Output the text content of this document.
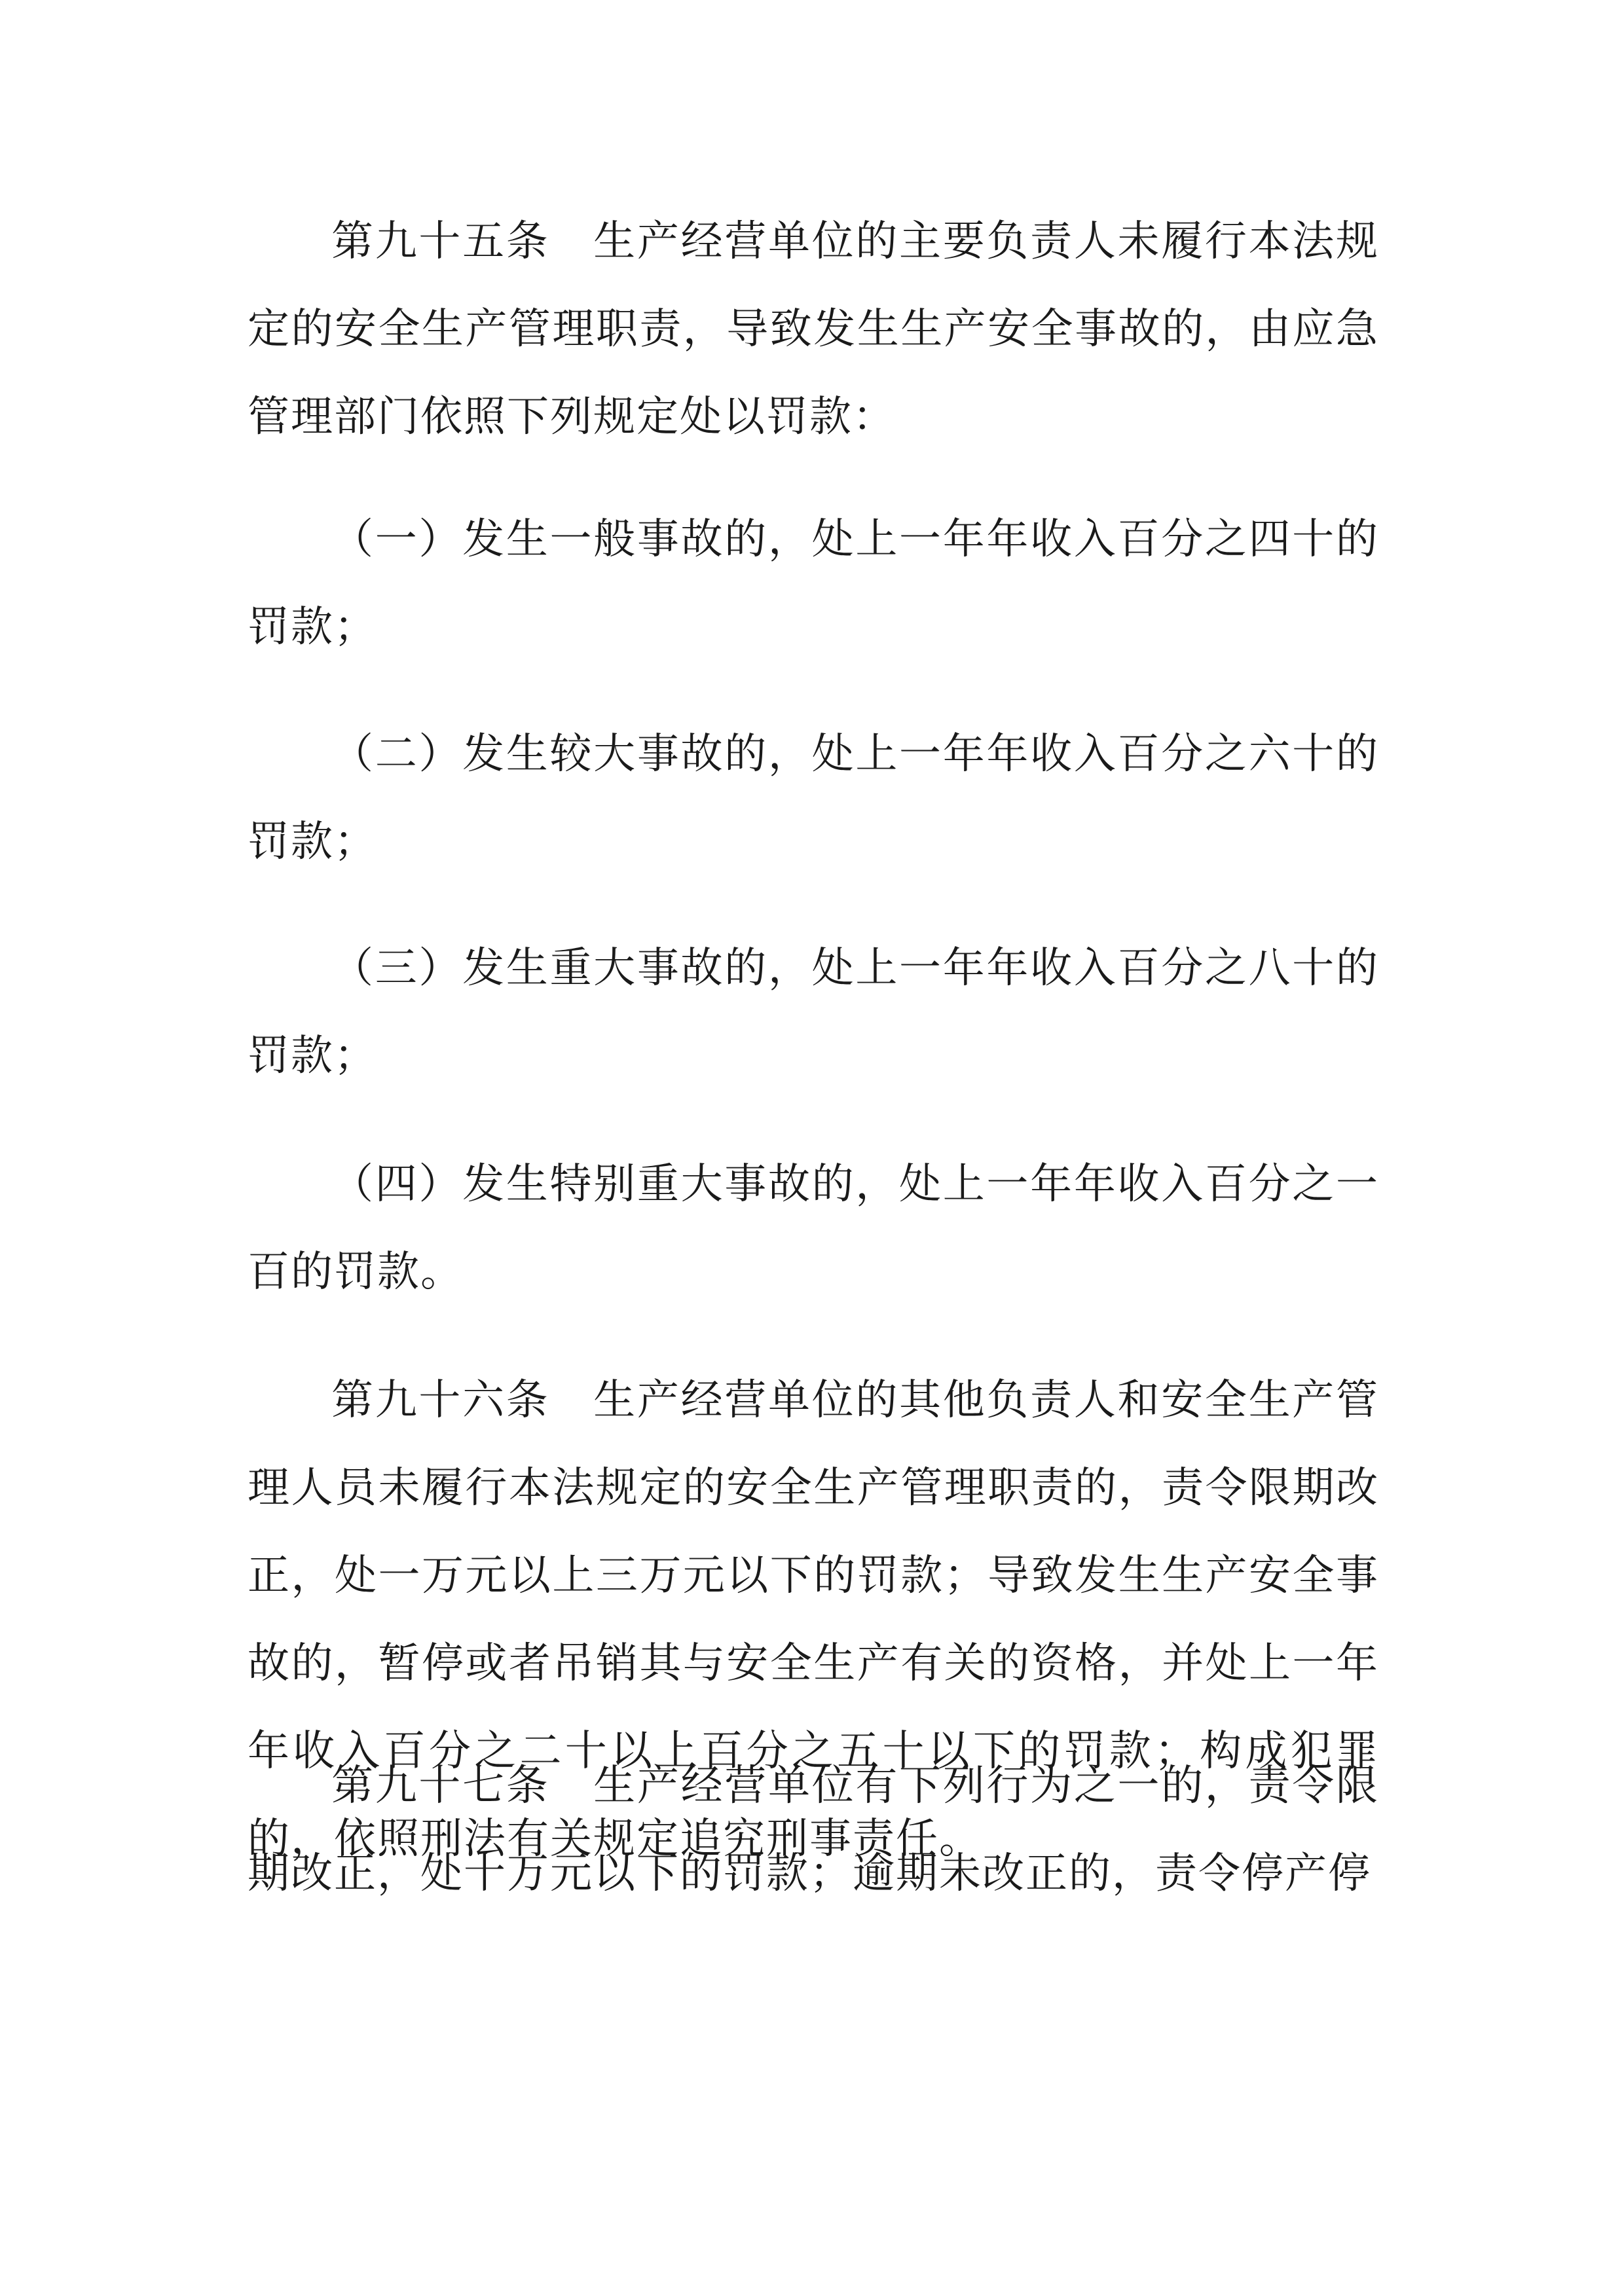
第九十五条　生产经营单位的主要负责人未履行本法规定的安全生产管理职责，导致发生生产安全事故的，由应急管理部门依照下列规定处以罚款：

（一）发生一般事故的，处上一年年收入百分之四十的罚款；

（二）发生较大事故的，处上一年年收入百分之六十的罚款；

（三）发生重大事故的，处上一年年收入百分之八十的罚款；

（四）发生特别重大事故的，处上一年年收入百分之一百的罚款。

第九十六条　生产经营单位的其他负责人和安全生产管理人员未履行本法规定的安全生产管理职责的，责令限期改正，处一万元以上三万元以下的罚款；导致发生生产安全事故的，暂停或者吊销其与安全生产有关的资格，并处上一年年收入百分之二十以上百分之五十以下的罚款；构成犯罪的，依照刑法有关规定追究刑事责任。

第九十七条　生产经营单位有下列行为之一的，责令限期改正，处十万元以下的罚款；逾期未改正的，责令停产停
